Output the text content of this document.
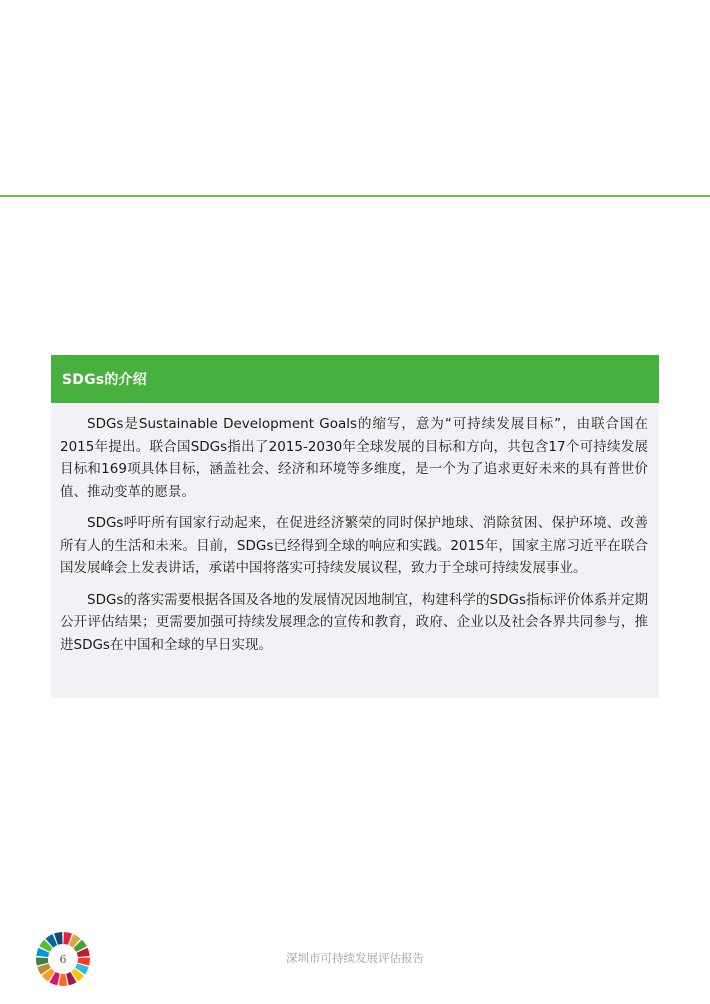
SDGs的介绍

SDGs是Sustainable Development Goals的缩写，意为“可持续发展目标”，由联合国在2015年提出。联合国SDGs指出了2015-2030年全球发展的目标和方向，共包含17个可持续发展目标和169项具体目标，涵盖社会、经济和环境等多维度，是一个为了追求更好未来的具有普世价值、推动变革的愿景。

SDGs呼吁所有国家行动起来，在促进经济繁荣的同时保护地球、消除贫困、保护环境、改善所有人的生活和未来。目前，SDGs已经得到全球的响应和实践。2015年，国家主席习近平在联合国发展峰会上发表讲话，承诺中国将落实可持续发展议程，致力于全球可持续发展事业。

SDGs的落实需要根据各国及各地的发展情况因地制宜，构建科学的SDGs指标评价体系并定期公开评估结果；更需要加强可持续发展理念的宣传和教育，政府、企业以及社会各界共同参与，推进SDGs在中国和全球的早日实现。

6	深圳市可持续发展评估报告
